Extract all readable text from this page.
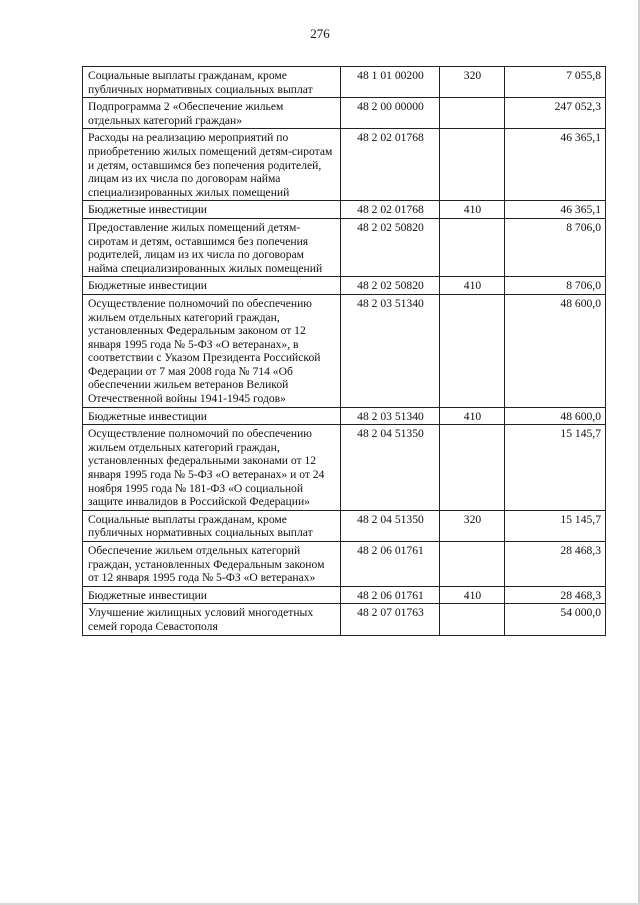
276
Социальные выплаты гражданам, кроме публичных нормативных социальных выплат	48 1 01 00200	320	7 055,8
Подпрограмма 2 «Обеспечение жильем отдельных категорий граждан»	48 2 00 00000		247 052,3
Расходы на реализацию мероприятий по приобретению жилых помещений детям-сиротам и детям, оставшимся без попечения родителей, лицам из их числа по договорам найма специализированных жилых помещений	48 2 02 01768		46 365,1
Бюджетные инвестиции	48 2 02 01768	410	46 365,1
Предоставление жилых помещений детям-сиротам и детям, оставшимся без попечения родителей, лицам из их числа по договорам найма специализированных жилых помещений	48 2 02 50820		8 706,0
Бюджетные инвестиции	48 2 02 50820	410	8 706,0
Осуществление полномочий по обеспечению жильем отдельных категорий граждан, установленных Федеральным законом от 12 января 1995 года № 5-ФЗ «О ветеранах», в соответствии с Указом Президента Российской Федерации от 7 мая 2008 года № 714 «Об обеспечении жильем ветеранов Великой Отечественной войны 1941-1945 годов»	48 2 03 51340		48 600,0
Бюджетные инвестиции	48 2 03 51340	410	48 600,0
Осуществление полномочий по обеспечению жильем отдельных категорий граждан, установленных федеральными законами от 12 января 1995 года № 5-ФЗ «О ветеранах» и от 24 ноября 1995 года № 181-ФЗ «О социальной защите инвалидов в Российской Федерации»	48 2 04 51350		15 145,7
Социальные выплаты гражданам, кроме публичных нормативных социальных выплат	48 2 04 51350	320	15 145,7
Обеспечение жильем отдельных категорий граждан, установленных Федеральным законом от 12 января 1995 года № 5-ФЗ «О ветеранах»	48 2 06 01761		28 468,3
Бюджетные инвестиции	48 2 06 01761	410	28 468,3
Улучшение жилищных условий многодетных семей города Севастополя	48 2 07 01763		54 000,0
